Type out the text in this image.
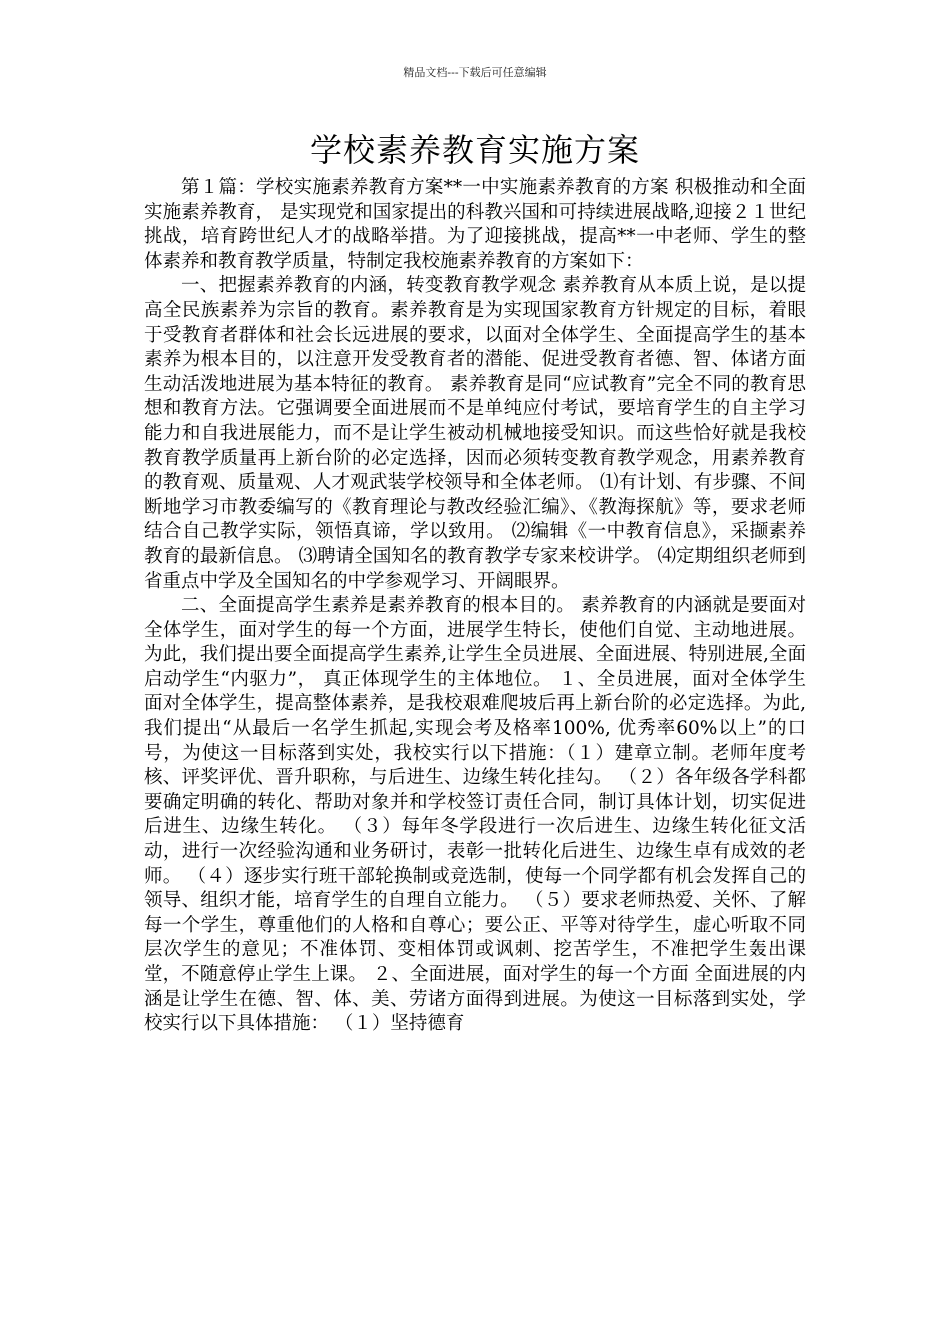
精品文档---下载后可任意编辑
学校素养教育实施方案

第１篇：学校实施素养教育方案**一中实施素养教育的方案 积极推动和全面实施素养教育， 是实现党和国家提出的科教兴国和可持续进展战略,迎接２１世纪挑战，培育跨世纪人才的战略举措。为了迎接挑战，提高**一中老师、学生的整体素养和教育教学质量，特制定我校施素养教育的方案如下：

一、把握素养教育的内涵，转变教育教学观念 素养教育从本质上说，是以提高全民族素养为宗旨的教育。素养教育是为实现国家教育方针规定的目标，着眼于受教育者群体和社会长远进展的要求，以面对全体学生、全面提高学生的基本素养为根本目的，以注意开发受教育者的潜能、促进受教育者德、智、体诸方面生动活泼地进展为基本特征的教育。 素养教育是同“应试教育”完全不同的教育思想和教育方法。它强调要全面进展而不是单纯应付考试，要培育学生的自主学习能力和自我进展能力，而不是让学生被动机械地接受知识。而这些恰好就是我校教育教学质量再上新台阶的必定选择，因而必须转变教育教学观念，用素养教育的教育观、质量观、人才观武装学校领导和全体老师。 ⑴有计划、有步骤、不间断地学习市教委编写的《教育理论与教改经验汇编》、《教海探航》等，要求老师结合自己教学实际，领悟真谛，学以致用。 ⑵编辑《一中教育信息》，采撷素养教育的最新信息。 ⑶聘请全国知名的教育教学专家来校讲学。 ⑷定期组织老师到省重点中学及全国知名的中学参观学习、开阔眼界。

二、全面提高学生素养是素养教育的根本目的。 素养教育的内涵就是要面对全体学生，面对学生的每一个方面，进展学生特长，使他们自觉、主动地进展。为此，我们提出要全面提高学生素养,让学生全员进展、全面进展、特别进展,全面启动学生“内驱力”， 真正体现学生的主体地位。 １、全员进展，面对全体学生 面对全体学生，提高整体素养，是我校艰难爬坡后再上新台阶的必定选择。为此,我们提出“从最后一名学生抓起,实现会考及格率100%, 优秀率60%以上”的口号，为使这一目标落到实处，我校实行以下措施：（１）建章立制。老师年度考核、评奖评优、晋升职称，与后进生、边缘生转化挂勾。 （２）各年级各学科都要确定明确的转化、帮助对象并和学校签订责任合同，制订具体计划，切实促进后进生、边缘生转化。 （３）每年冬学段进行一次后进生、边缘生转化征文活动，进行一次经验沟通和业务研讨，表彰一批转化后进生、边缘生卓有成效的老师。 （４）逐步实行班干部轮换制或竞选制，使每一个同学都有机会发挥自己的领导、组织才能，培育学生的自理自立能力。 （５）要求老师热爱、关怀、了解每一个学生，尊重他们的人格和自尊心；要公正、平等对待学生，虚心听取不同层次学生的意见；不准体罚、变相体罚或讽刺、挖苦学生，不准把学生轰出课堂，不随意停止学生上课。 ２、全面进展，面对学生的每一个方面 全面进展的内涵是让学生在德、智、体、美、劳诸方面得到进展。为使这一目标落到实处，学校实行以下具体措施： （１）坚持德育
